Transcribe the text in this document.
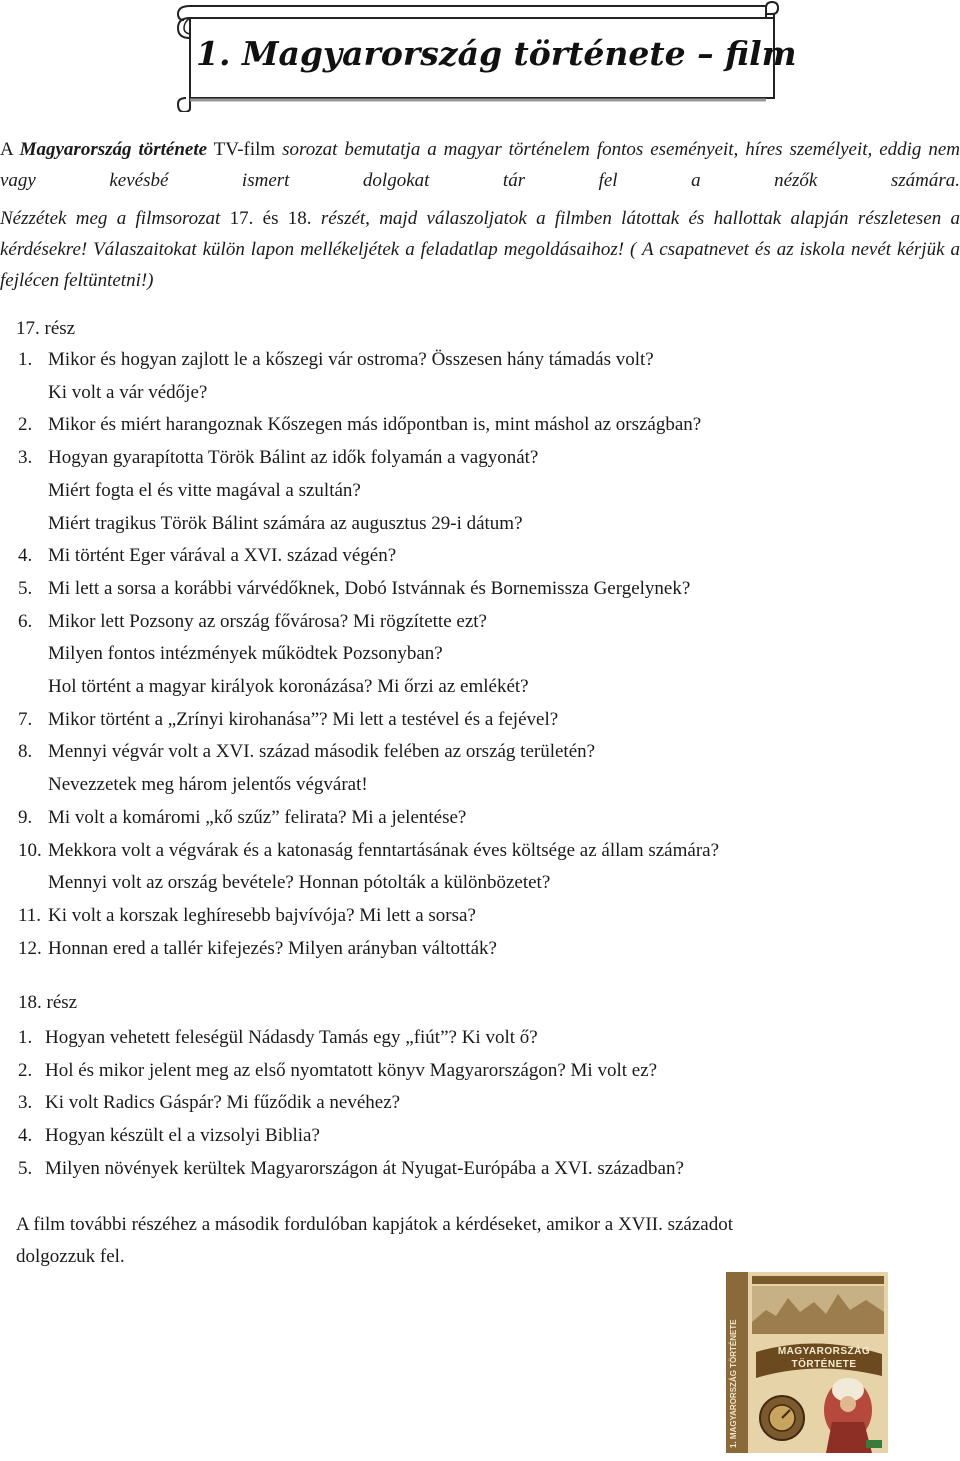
1. Magyarország története – film

A Magyarország története TV-film sorozat bemutatja a magyar történelem fontos eseményeit, híres személyeit, eddig nem vagy kevésbé ismert dolgokat tár fel a nézők számára.

Nézzétek meg a filmsorozat 17. és 18. részét, majd válaszoljatok a filmben látottak és hallottak alapján részletesen a kérdésekre! Válaszaitokat külön lapon mellékeljétek a feladatlap megoldásaihoz! ( A csapatnevet és az iskola nevét kérjük a fejlécen feltüntetni!)

17. rész

1. Mikor és hogyan zajlott le a kőszegi vár ostroma? Összesen hány támadás volt?
Ki volt a vár védője?
2. Mikor és miért harangoznak Kőszegen más időpontban is, mint máshol az országban?
3. Hogyan gyarapította Török Bálint az idők folyamán a vagyonát?
Miért fogta el és vitte magával a szultán?
Miért tragikus Török Bálint számára az augusztus 29-i dátum?
4. Mi történt Eger várával a XVI. század végén?
5. Mi lett a sorsa a korábbi várvédőknek, Dobó Istvánnak és Bornemissza Gergelynek?
6. Mikor lett Pozsony az ország fővárosa? Mi rögzítette ezt?
Milyen fontos intézmények működtek Pozsonyban?
Hol történt a magyar királyok koronázása? Mi őrzi az emlékét?
7. Mikor történt a „Zrínyi kirohanása”? Mi lett a testével és a fejével?
8. Mennyi végvár volt a XVI. század második felében az ország területén?
Nevezzetek meg három jelentős végvárat!
9. Mi volt a komáromi „kő szűz” felirata? Mi a jelentése?
10. Mekkora volt a végvárak és a katonaság fenntartásának éves költsége az állam számára?
Mennyi volt az ország bevétele? Honnan pótolták a különbözetet?
11. Ki volt a korszak leghíresebb bajvívója? Mi lett a sorsa?
12. Honnan ered a tallér kifejezés? Milyen arányban váltották?

18. rész

1. Hogyan vehetett feleségül Nádasdy Tamás egy „fiút”? Ki volt ő?
2. Hol és mikor jelent meg az első nyomtatott könyv Magyarországon? Mi volt ez?
3. Ki volt Radics Gáspár? Mi fűződik a nevéhez?
4. Hogyan készült el a vizsolyi Biblia?
5. Milyen növények kerültek Magyarországon át Nyugat-Európába a XVI. században?

A film további részéhez a második fordulóban kapjátok a kérdéseket, amikor a XVII. századot dolgozzuk fel.

1. MAGYARORSZÁG TÖRTÉNETE	MAGYARORSZÁG
TÖRTÉNETE
